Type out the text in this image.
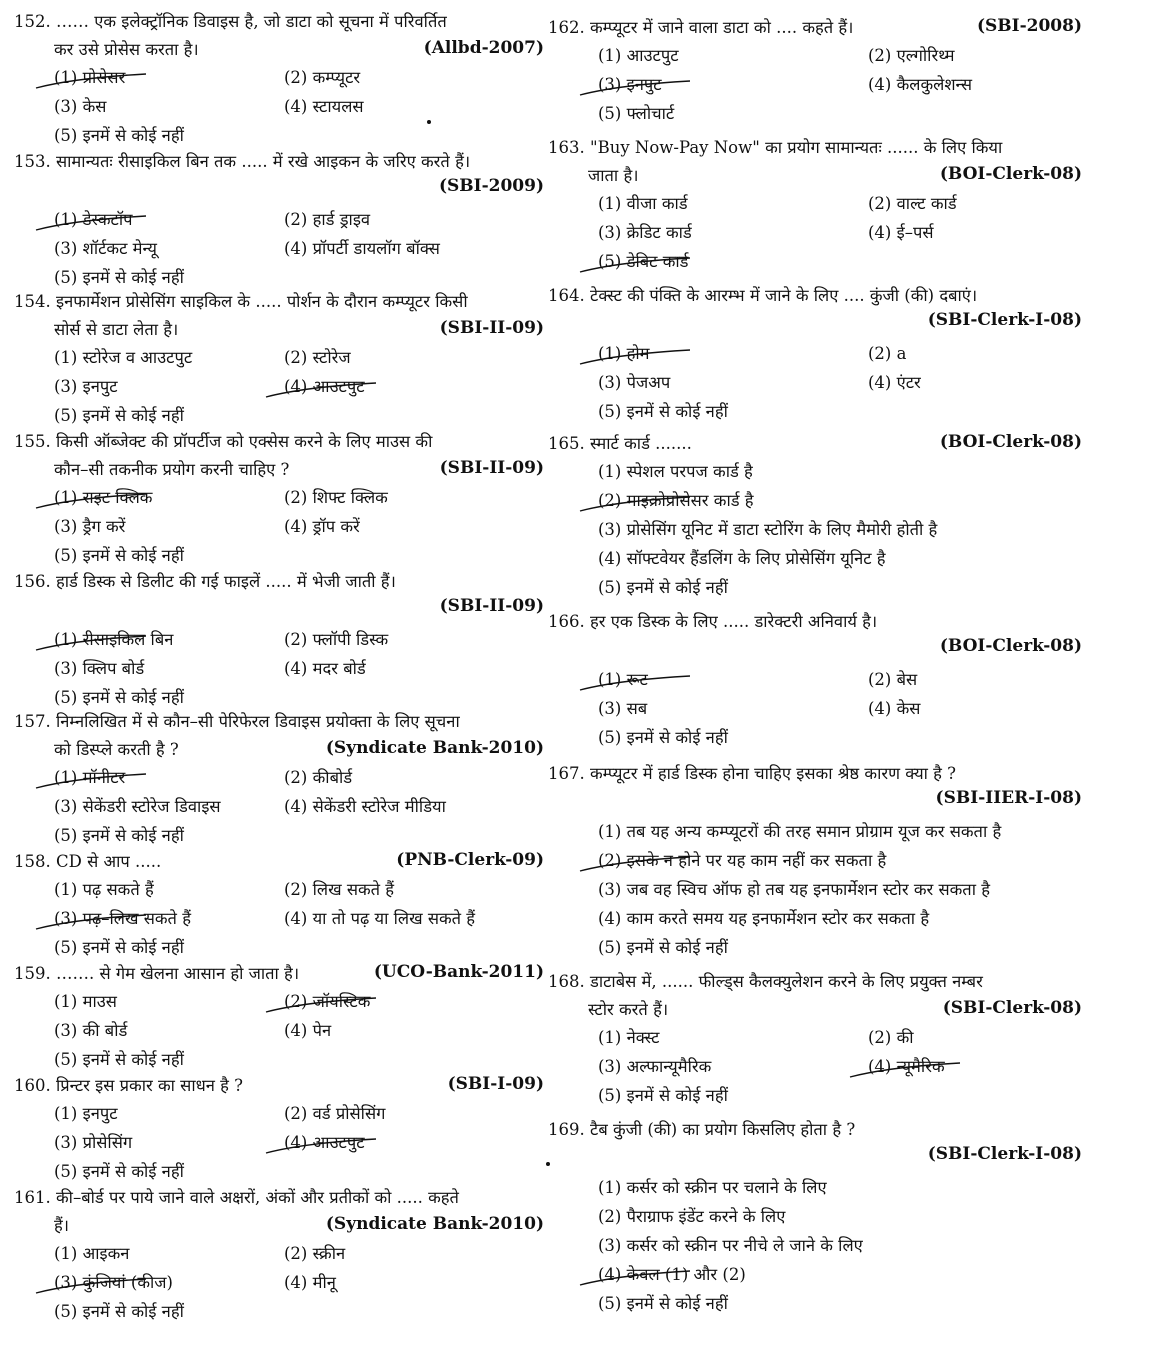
152. …… एक इलेक्ट्रॉनिक डिवाइस है, जो डाटा को सूचना में परिवर्तित
कर उसे प्रोसेस करता है।	(Allbd-2007)
(1) प्रोसेसर	(2) कम्प्यूटर
(3) केस	(4) स्टायलस
(5) इनमें से कोई नहीं
153. सामान्यतः रीसाइकिल बिन तक ..... में रखे आइकन के जरिए करते हैं।
(SBI-2009)
(1) डेस्कटॉप	(2) हार्ड ड्राइव
(3) शॉर्टकट मेन्यू	(4) प्रॉपर्टी डायलॉग बॉक्स
(5) इनमें से कोई नहीं
154. इनफार्मेशन प्रोसेसिंग साइकिल के ..... पोर्शन के दौरान कम्प्यूटर किसी
सोर्स से डाटा लेता है।	(SBI-II-09)
(1) स्टोरेज व आउटपुट	(2) स्टोरेज
(3) इनपुट	(4) आउटपुट
(5) इनमें से कोई नहीं
155. किसी ऑब्जेक्ट की प्रॉपर्टीज को एक्सेस करने के लिए माउस की
कौन–सी तकनीक प्रयोग करनी चाहिए ?	(SBI-II-09)
(1) राइट क्लिक	(2) शिफ्ट क्लिक
(3) ड्रैग करें	(4) ड्रॉप करें
(5) इनमें से कोई नहीं
156. हार्ड डिस्क से डिलीट की गई फाइलें ..... में भेजी जाती हैं।
(SBI-II-09)
(1) रीसाइकिल बिन	(2) फ्लॉपी डिस्क
(3) क्लिप बोर्ड	(4) मदर बोर्ड
(5) इनमें से कोई नहीं
157. निम्नलिखित में से कौन–सी पेरिफेरल डिवाइस प्रयोक्ता के लिए सूचना
को डिस्प्ले करती है ?	(Syndicate Bank-2010)
(1) मॉनीटर	(2) कीबोर्ड
(3) सेकेंडरी स्टोरेज डिवाइस	(4) सेकेंडरी स्टोरेज मीडिया
(5) इनमें से कोई नहीं
158. CD से आप .....	(PNB-Clerk-09)
(1) पढ़ सकते हैं	(2) लिख सकते हैं
(3) पढ़–लिख सकते हैं	(4) या तो पढ़ या लिख सकते हैं
(5) इनमें से कोई नहीं
159. ……. से गेम खेलना आसान हो जाता है।	(UCO-Bank-2011)
(1) माउस	(2) जॉयस्टिक
(3) की बोर्ड	(4) पेन
(5) इनमें से कोई नहीं
160. प्रिन्टर इस प्रकार का साधन है ?	(SBI-I-09)
(1) इनपुट	(2) वर्ड प्रोसेसिंग
(3) प्रोसेसिंग	(4) आउटपुट
(5) इनमें से कोई नहीं
161. की–बोर्ड पर पाये जाने वाले अक्षरों, अंकों और प्रतीकों को ..... कहते
हैं।	(Syndicate Bank-2010)
(1) आइकन	(2) स्क्रीन
(3) कुंजियां (कीज)	(4) मीनू
(5) इनमें से कोई नहीं
162. कम्प्यूटर में जाने वाला डाटा को .... कहते हैं।	(SBI-2008)
(1) आउटपुट	(2) एल्गोरिथ्म
(3) इनपुट	(4) कैलकुलेशन्स
(5) फ्लोचार्ट
163. "Buy Now-Pay Now" का प्रयोग सामान्यतः ...... के लिए किया
जाता है।	(BOI-Clerk-08)
(1) वीजा कार्ड	(2) वाल्ट कार्ड
(3) क्रेडिट कार्ड	(4) ई–पर्स
(5) डेबिट कार्ड
164. टेक्स्ट की पंक्ति के आरम्भ में जाने के लिए .... कुंजी (की) दबाएं।
(SBI-Clerk-I-08)
(1) होम	(2) a
(3) पेजअप	(4) एंटर
(5) इनमें से कोई नहीं
165. स्मार्ट कार्ड .......	(BOI-Clerk-08)
(1) स्पेशल परपज कार्ड है
(2) माइक्रोप्रोसेसर कार्ड है
(3) प्रोसेसिंग यूनिट में डाटा स्टोरिंग के लिए मैमोरी होती है
(4) सॉफ्टवेयर हैंडलिंग के लिए प्रोसेसिंग यूनिट है
(5) इनमें से कोई नहीं
166. हर एक डिस्क के लिए ..... डारेक्टरी अनिवार्य है।
(BOI-Clerk-08)
(1) रूट	(2) बेस
(3) सब	(4) केस
(5) इनमें से कोई नहीं
167. कम्प्यूटर में हार्ड डिस्क होना चाहिए इसका श्रेष्ठ कारण क्या है ?
(SBI-IIER-I-08)
(1) तब यह अन्य कम्प्यूटरों की तरह समान प्रोग्राम यूज कर सकता है
(2) इसके न होने पर यह काम नहीं कर सकता है
(3) जब वह स्विच ऑफ हो तब यह इनफार्मेशन स्टोर कर सकता है
(4) काम करते समय यह इनफार्मेशन स्टोर कर सकता है
(5) इनमें से कोई नहीं
168. डाटाबेस में, ...... फील्ड्स कैलक्युलेशन करने के लिए प्रयुक्त नम्बर
स्टोर करते हैं।	(SBI-Clerk-08)
(1) नेक्स्ट	(2) की
(3) अल्फान्यूमैरिक	(4) न्यूमैरिक
(5) इनमें से कोई नहीं
169. टैब कुंजी (की) का प्रयोग किसलिए होता है ?
(SBI-Clerk-I-08)
(1) कर्सर को स्क्रीन पर चलाने के लिए
(2) पैराग्राफ इंडेंट करने के लिए
(3) कर्सर को स्क्रीन पर नीचे ले जाने के लिए
(4) केवल (1) और (2)
(5) इनमें से कोई नहीं
